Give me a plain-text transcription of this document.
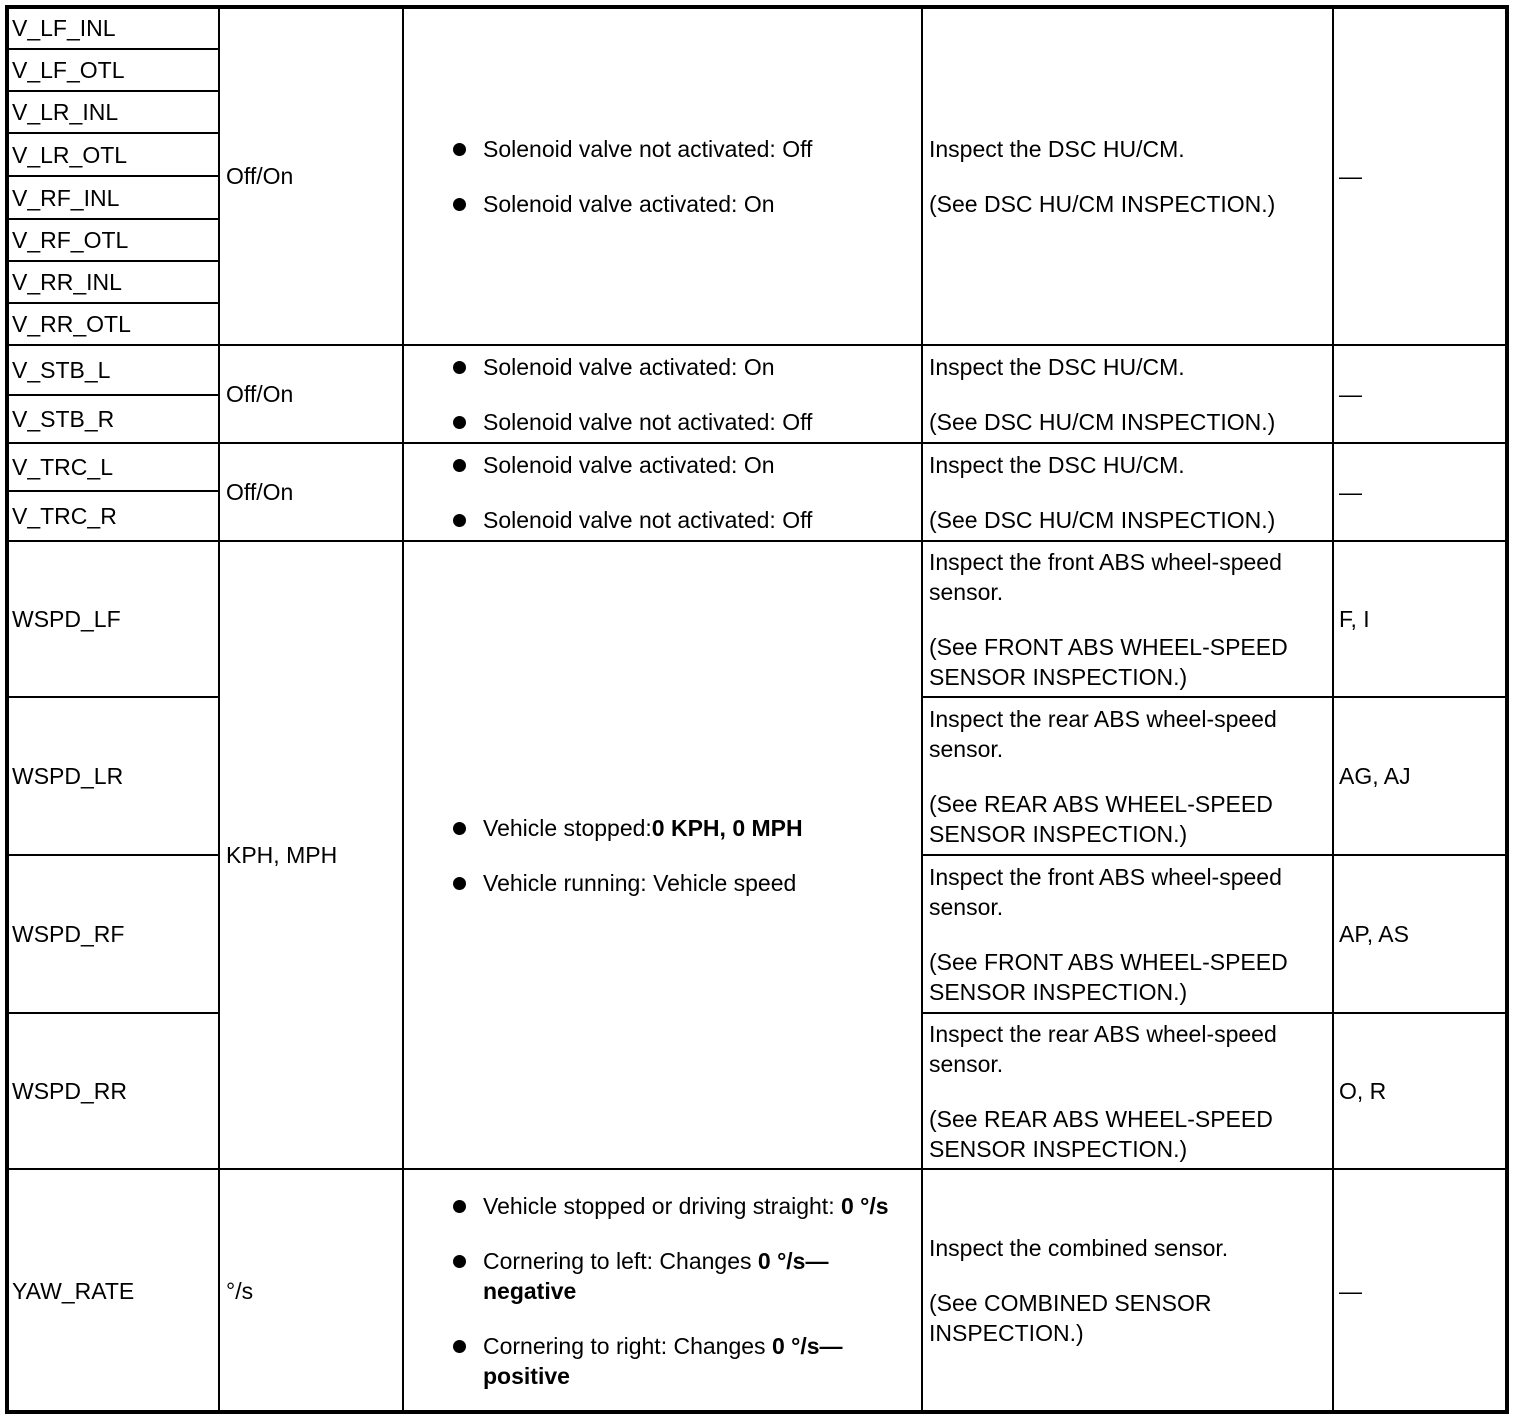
V_LF_INL
V_LF_OTL
V_LR_INL
V_LR_OTL
V_RF_INL
V_RF_OTL
V_RR_INL
V_RR_OTL
Off/On
Solenoid valve not activated: Off
Solenoid valve activated: On
Inspect the DSC HU/CM.
(See DSC HU/CM INSPECTION.)
—
V_STB_L
V_STB_R
Off/On
Solenoid valve activated: On
Solenoid valve not activated: Off
Inspect the DSC HU/CM.
(See DSC HU/CM INSPECTION.)
—
V_TRC_L
V_TRC_R
Off/On
Solenoid valve activated: On
Solenoid valve not activated: Off
Inspect the DSC HU/CM.
(See DSC HU/CM INSPECTION.)
—
WSPD_LF
WSPD_LR
WSPD_RF
WSPD_RR
KPH, MPH
Vehicle stopped:0 KPH, 0 MPH
Vehicle running: Vehicle speed
Inspect the front ABS wheel-speed sensor.
(See FRONT ABS WHEEL-SPEED SENSOR INSPECTION.)
F, I
Inspect the rear ABS wheel-speed sensor.
(See REAR ABS WHEEL-SPEED SENSOR INSPECTION.)
AG, AJ
Inspect the front ABS wheel-speed sensor.
(See FRONT ABS WHEEL-SPEED SENSOR INSPECTION.)
AP, AS
Inspect the rear ABS wheel-speed sensor.
(See REAR ABS WHEEL-SPEED SENSOR INSPECTION.)
O, R
YAW_RATE	°/s
Vehicle stopped or driving straight: 0 °/s
Cornering to left: Changes 0 °/s—negative
Cornering to right: Changes 0 °/s—positive
Inspect the combined sensor.
(See COMBINED SENSOR INSPECTION.)
—
